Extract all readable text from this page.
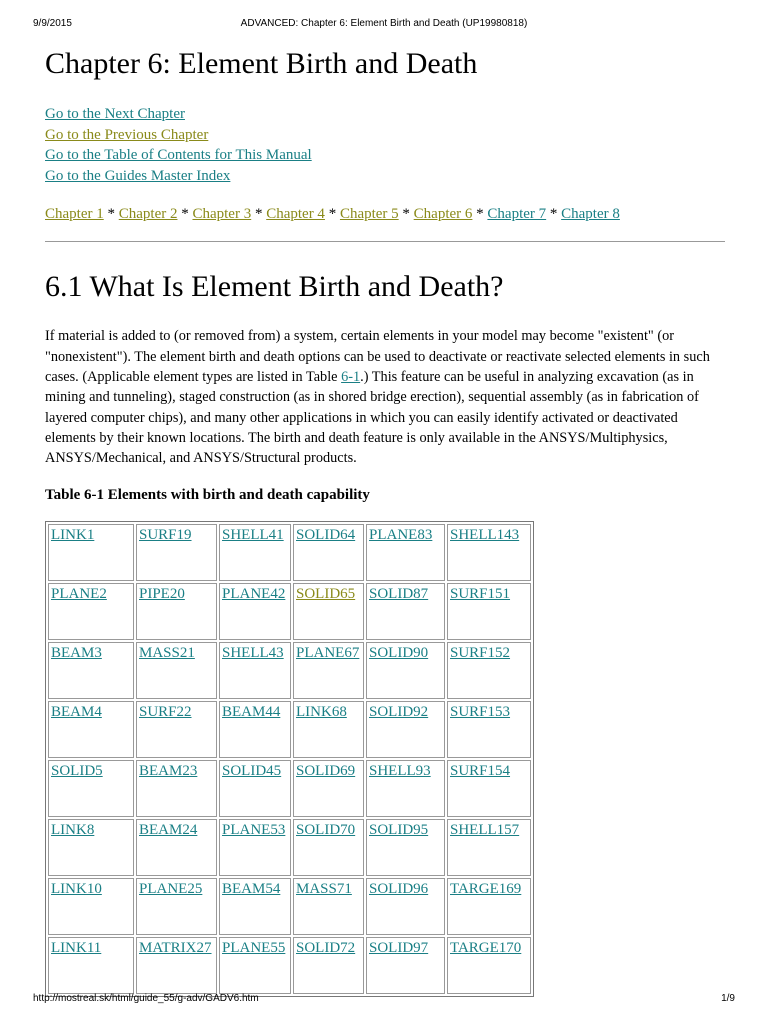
9/9/2015	ADVANCED: Chapter 6: Element Birth and Death (UP19980818)
Chapter 6: Element Birth and Death
Go to the Next Chapter
Go to the Previous Chapter
Go to the Table of Contents for This Manual
Go to the Guides Master Index
Chapter 1 * Chapter 2 * Chapter 3 * Chapter 4 * Chapter 5 * Chapter 6 * Chapter 7 * Chapter 8
6.1 What Is Element Birth and Death?

If material is added to (or removed from) a system, certain elements in your model may become "existent" (or "nonexistent"). The element birth and death options can be used to deactivate or reactivate selected elements in such cases. (Applicable element types are listed in Table 6-1.) This feature can be useful in analyzing excavation (as in mining and tunneling), staged construction (as in shored bridge erection), sequential assembly (as in fabrication of layered computer chips), and many other applications in which you can easily identify activated or deactivated elements by their known locations. The birth and death feature is only available in the ANSYS/Multiphysics, ANSYS/Mechanical, and ANSYS/Structural products.

Table 6-1 Elements with birth and death capability
LINK1	SURF19	SHELL41	SOLID64	PLANE83	SHELL143
PLANE2	PIPE20	PLANE42	SOLID65	SOLID87	SURF151
BEAM3	MASS21	SHELL43	PLANE67	SOLID90	SURF152
BEAM4	SURF22	BEAM44	LINK68	SOLID92	SURF153
SOLID5	BEAM23	SOLID45	SOLID69	SHELL93	SURF154
LINK8	BEAM24	PLANE53	SOLID70	SOLID95	SHELL157
LINK10	PLANE25	BEAM54	MASS71	SOLID96	TARGE169
LINK11	MATRIX27	PLANE55	SOLID72	SOLID97	TARGE170
http://mostreal.sk/html/guide_55/g-adv/GADV6.htm	1/9
